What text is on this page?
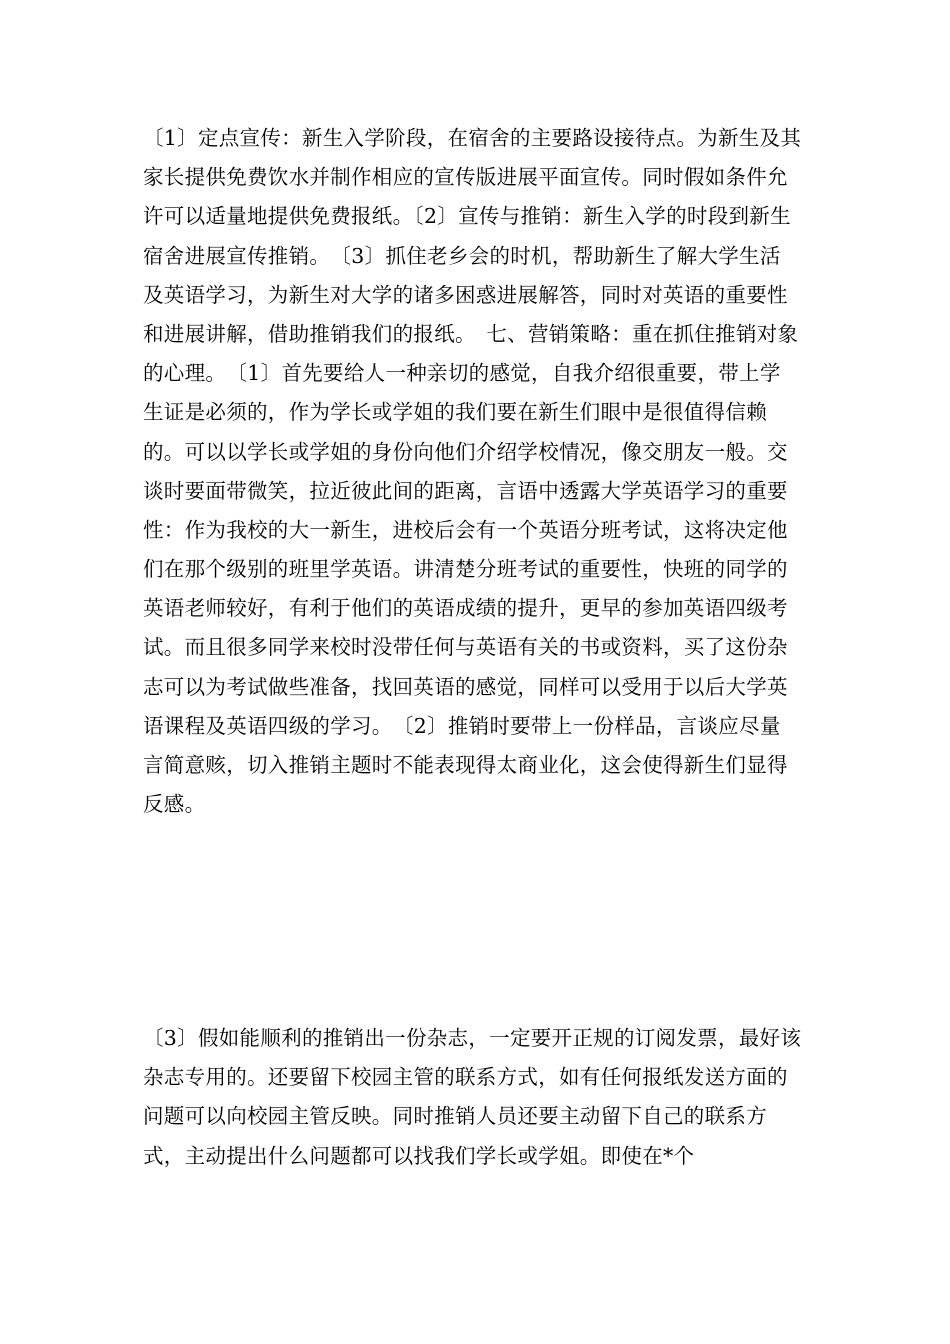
〔1〕定点宣传：新生入学阶段，在宿舍的主要路设接待点。为新生及其
家长提供免费饮水并制作相应的宣传版进展平面宣传。同时假如条件允
许可以适量地提供免费报纸。〔2〕宣传与推销：新生入学的时段到新生
宿舍进展宣传推销。　〔3〕抓住老乡会的时机，帮助新生了解大学生活
及英语学习，为新生对大学的诸多困惑进展解答，同时对英语的重要性
和进展讲解，借助推销我们的报纸。　七、营销策略：重在抓住推销对象
的心理。　〔1〕首先要给人一种亲切的感觉，自我介绍很重要，带上学
生证是必须的，作为学长或学姐的我们要在新生们眼中是很值得信赖
的。可以以学长或学姐的身份向他们介绍学校情况，像交朋友一般。交
谈时要面带微笑，拉近彼此间的距离，言语中透露大学英语学习的重要
性：作为我校的大一新生，进校后会有一个英语分班考试，这将决定他
们在那个级别的班里学英语。讲清楚分班考试的重要性，快班的同学的
英语老师较好，有利于他们的英语成绩的提升，更早的参加英语四级考
试。而且很多同学来校时没带任何与英语有关的书或资料，买了这份杂
志可以为考试做些准备，找回英语的感觉，同样可以受用于以后大学英
语课程及英语四级的学习。　〔2〕推销时要带上一份样品，言谈应尽量
言简意赅，切入推销主题时不能表现得太商业化，这会使得新生们显得
反感。
〔3〕假如能顺利的推销出一份杂志，一定要开正规的订阅发票，最好该
杂志专用的。还要留下校园主管的联系方式，如有任何报纸发送方面的
问题可以向校园主管反映。同时推销人员还要主动留下自己的联系方
式，主动提出什么问题都可以找我们学长或学姐。即使在*个
